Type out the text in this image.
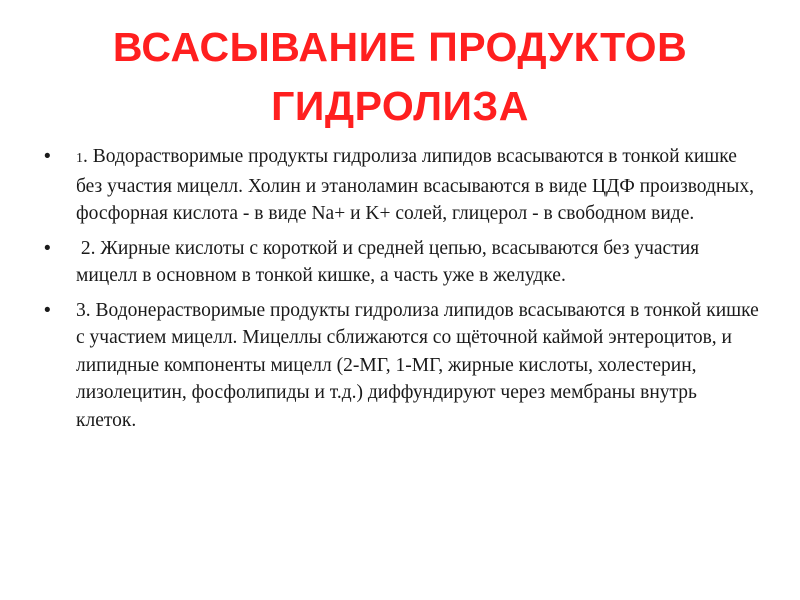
ВСАСЫВАНИЕ ПРОДУКТОВ
ГИДРОЛИЗА
• 1. Водорастворимые продукты гидролиза липидов всасываются в тонкой кишке без участия мицелл. Холин и этаноламин всасываются в виде ЦДФ производных, фосфорная кислота - в виде Na+ и K+ солей, глицерол - в свободном виде.
• 2. Жирные кислоты с короткой и средней цепью, всасываются без участия мицелл в основном в тонкой кишке, а часть уже в желудке.
• 3. Водонерастворимые продукты гидролиза липидов всасываются в тонкой кишке с участием мицелл. Мицеллы сближаются со щёточной каймой энтероцитов, и липидные компоненты мицелл (2-МГ, 1-МГ, жирные кислоты, холестерин, лизолецитин, фосфолипиды и т.д.) диффундируют через мембраны внутрь клеток.
